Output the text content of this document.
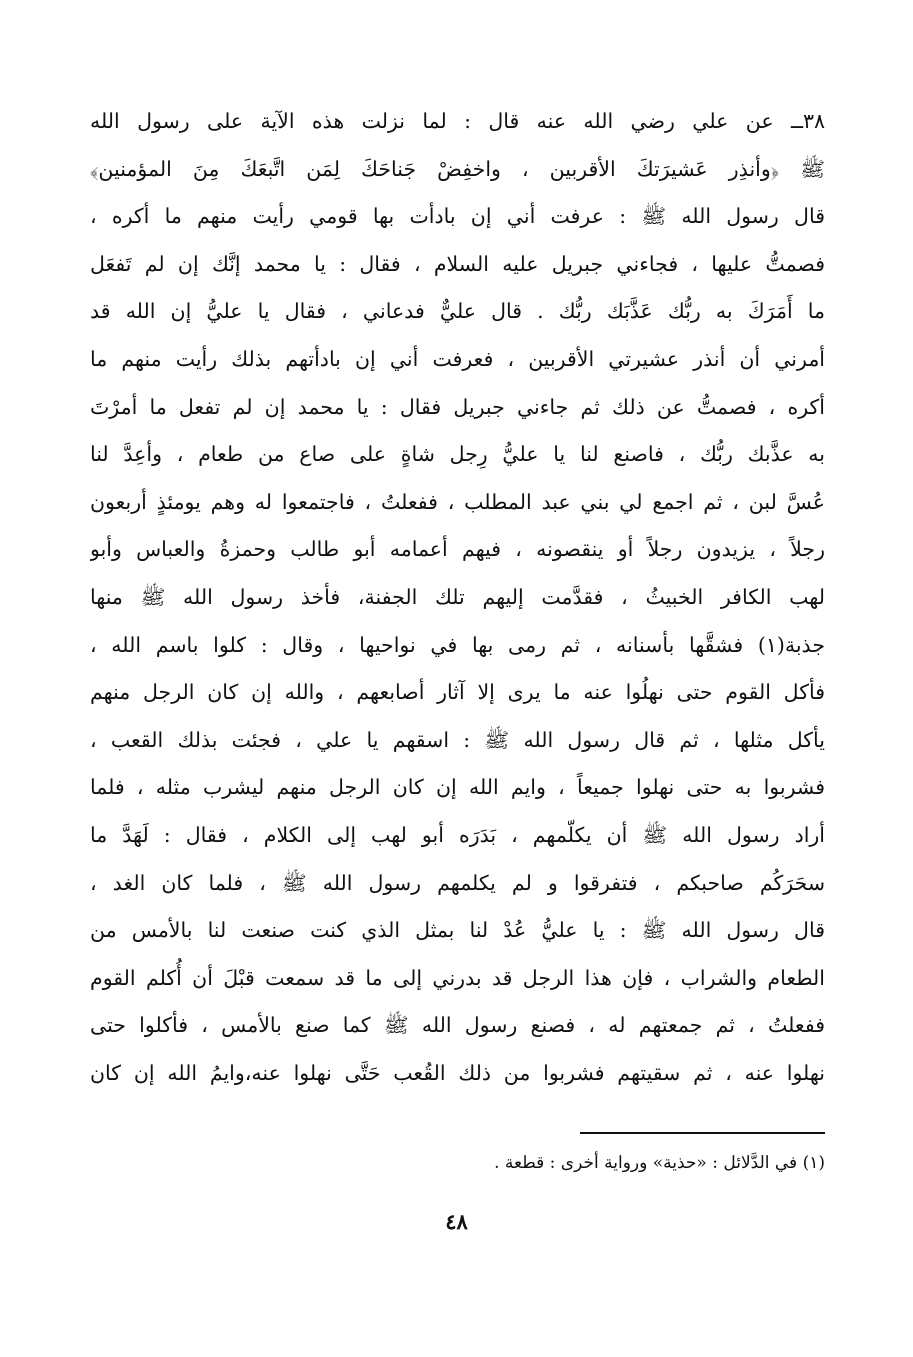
٣٨ــ عن علي رضي الله عنه قال : لما نزلت هذه الآية على رسول الله
ﷺ ﴿وأنذِر عَشيرَتكَ الأقربين ، واخفِضْ جَناحَكَ لِمَن اتَّبعَكَ مِنَ المؤمنين﴾
قال رسول الله ﷺ : عرفت أني إن بادأت بها قومي رأيت منهم ما أكره ،
فصمتُّ عليها ، فجاءني جبريل عليه السلام ، فقال : يا محمد إنَّك إن لم تَفعَل
ما أَمَرَكَ به ربُّك عَذَّبَك ربُّك . قال عليٌّ فدعاني ، فقال يا عليُّ إن الله قد
أمرني أن أنذر عشيرتي الأقربين ، فعرفت أني إن بادأتهم بذلك رأيت منهم ما
أكره ، فصمتُّ عن ذلك ثم جاءني جبريل فقال : يا محمد إن لم تفعل ما أمرْتَ
به عذَّبك ربُّك ، فاصنع لنا يا عليُّ رِجل شاةٍ على صاع من طعام ، وأعِدَّ لنا
عُسَّ لبن ، ثم اجمع لي بني عبد المطلب ، ففعلتُ ، فاجتمعوا له وهم يومئذٍ أربعون
رجلاً ، يزيدون رجلاً أو ينقصونه ، فيهم أعمامه أبو طالب وحمزةُ والعباس وأبو
لهب الكافر الخبيثُ ، فقدَّمت إليهم تلك الجفنة، فأخذ رسول الله ﷺ منها
جذبة(١) فشقَّها بأسنانه ، ثم رمى بها في نواحيها ، وقال : كلوا باسم الله ،
فأكل القوم حتى نهلُوا عنه ما يرى إلا آثار أصابعهم ، والله إن كان الرجل منهم
يأكل مثلها ، ثم قال رسول الله ﷺ : اسقهم يا علي ، فجئت بذلك القعب ،
فشربوا به حتى نهلوا جميعاً ، وايم الله إن كان الرجل منهم ليشرب مثله ، فلما
أراد رسول الله ﷺ أن يكلّمهم ، بَدَرَه أبو لهب إلى الكلام ، فقال : لَهَدَّ ما
سحَرَكُم صاحبكم ، فتفرقوا و لم يكلمهم رسول الله ﷺ ، فلما كان الغد ،
قال رسول الله ﷺ : يا عليُّ عُدْ لنا بمثل الذي كنت صنعت لنا بالأمس من
الطعام والشراب ، فإن هذا الرجل قد بدرني إلى ما قد سمعت قبْلَ أن أُكلم القوم
ففعلتُ ، ثم جمعتهم له ، فصنع رسول الله ﷺ كما صنع بالأمس ، فأكلوا حتى
نهلوا عنه ، ثم سقيتهم فشربوا من ذلك القُعب حَتَّى نهلوا عنه،وايمُ الله إن كان
(١) في الدَّلائل : «حذية» ورواية أخرى : قطعة .
٤٨
